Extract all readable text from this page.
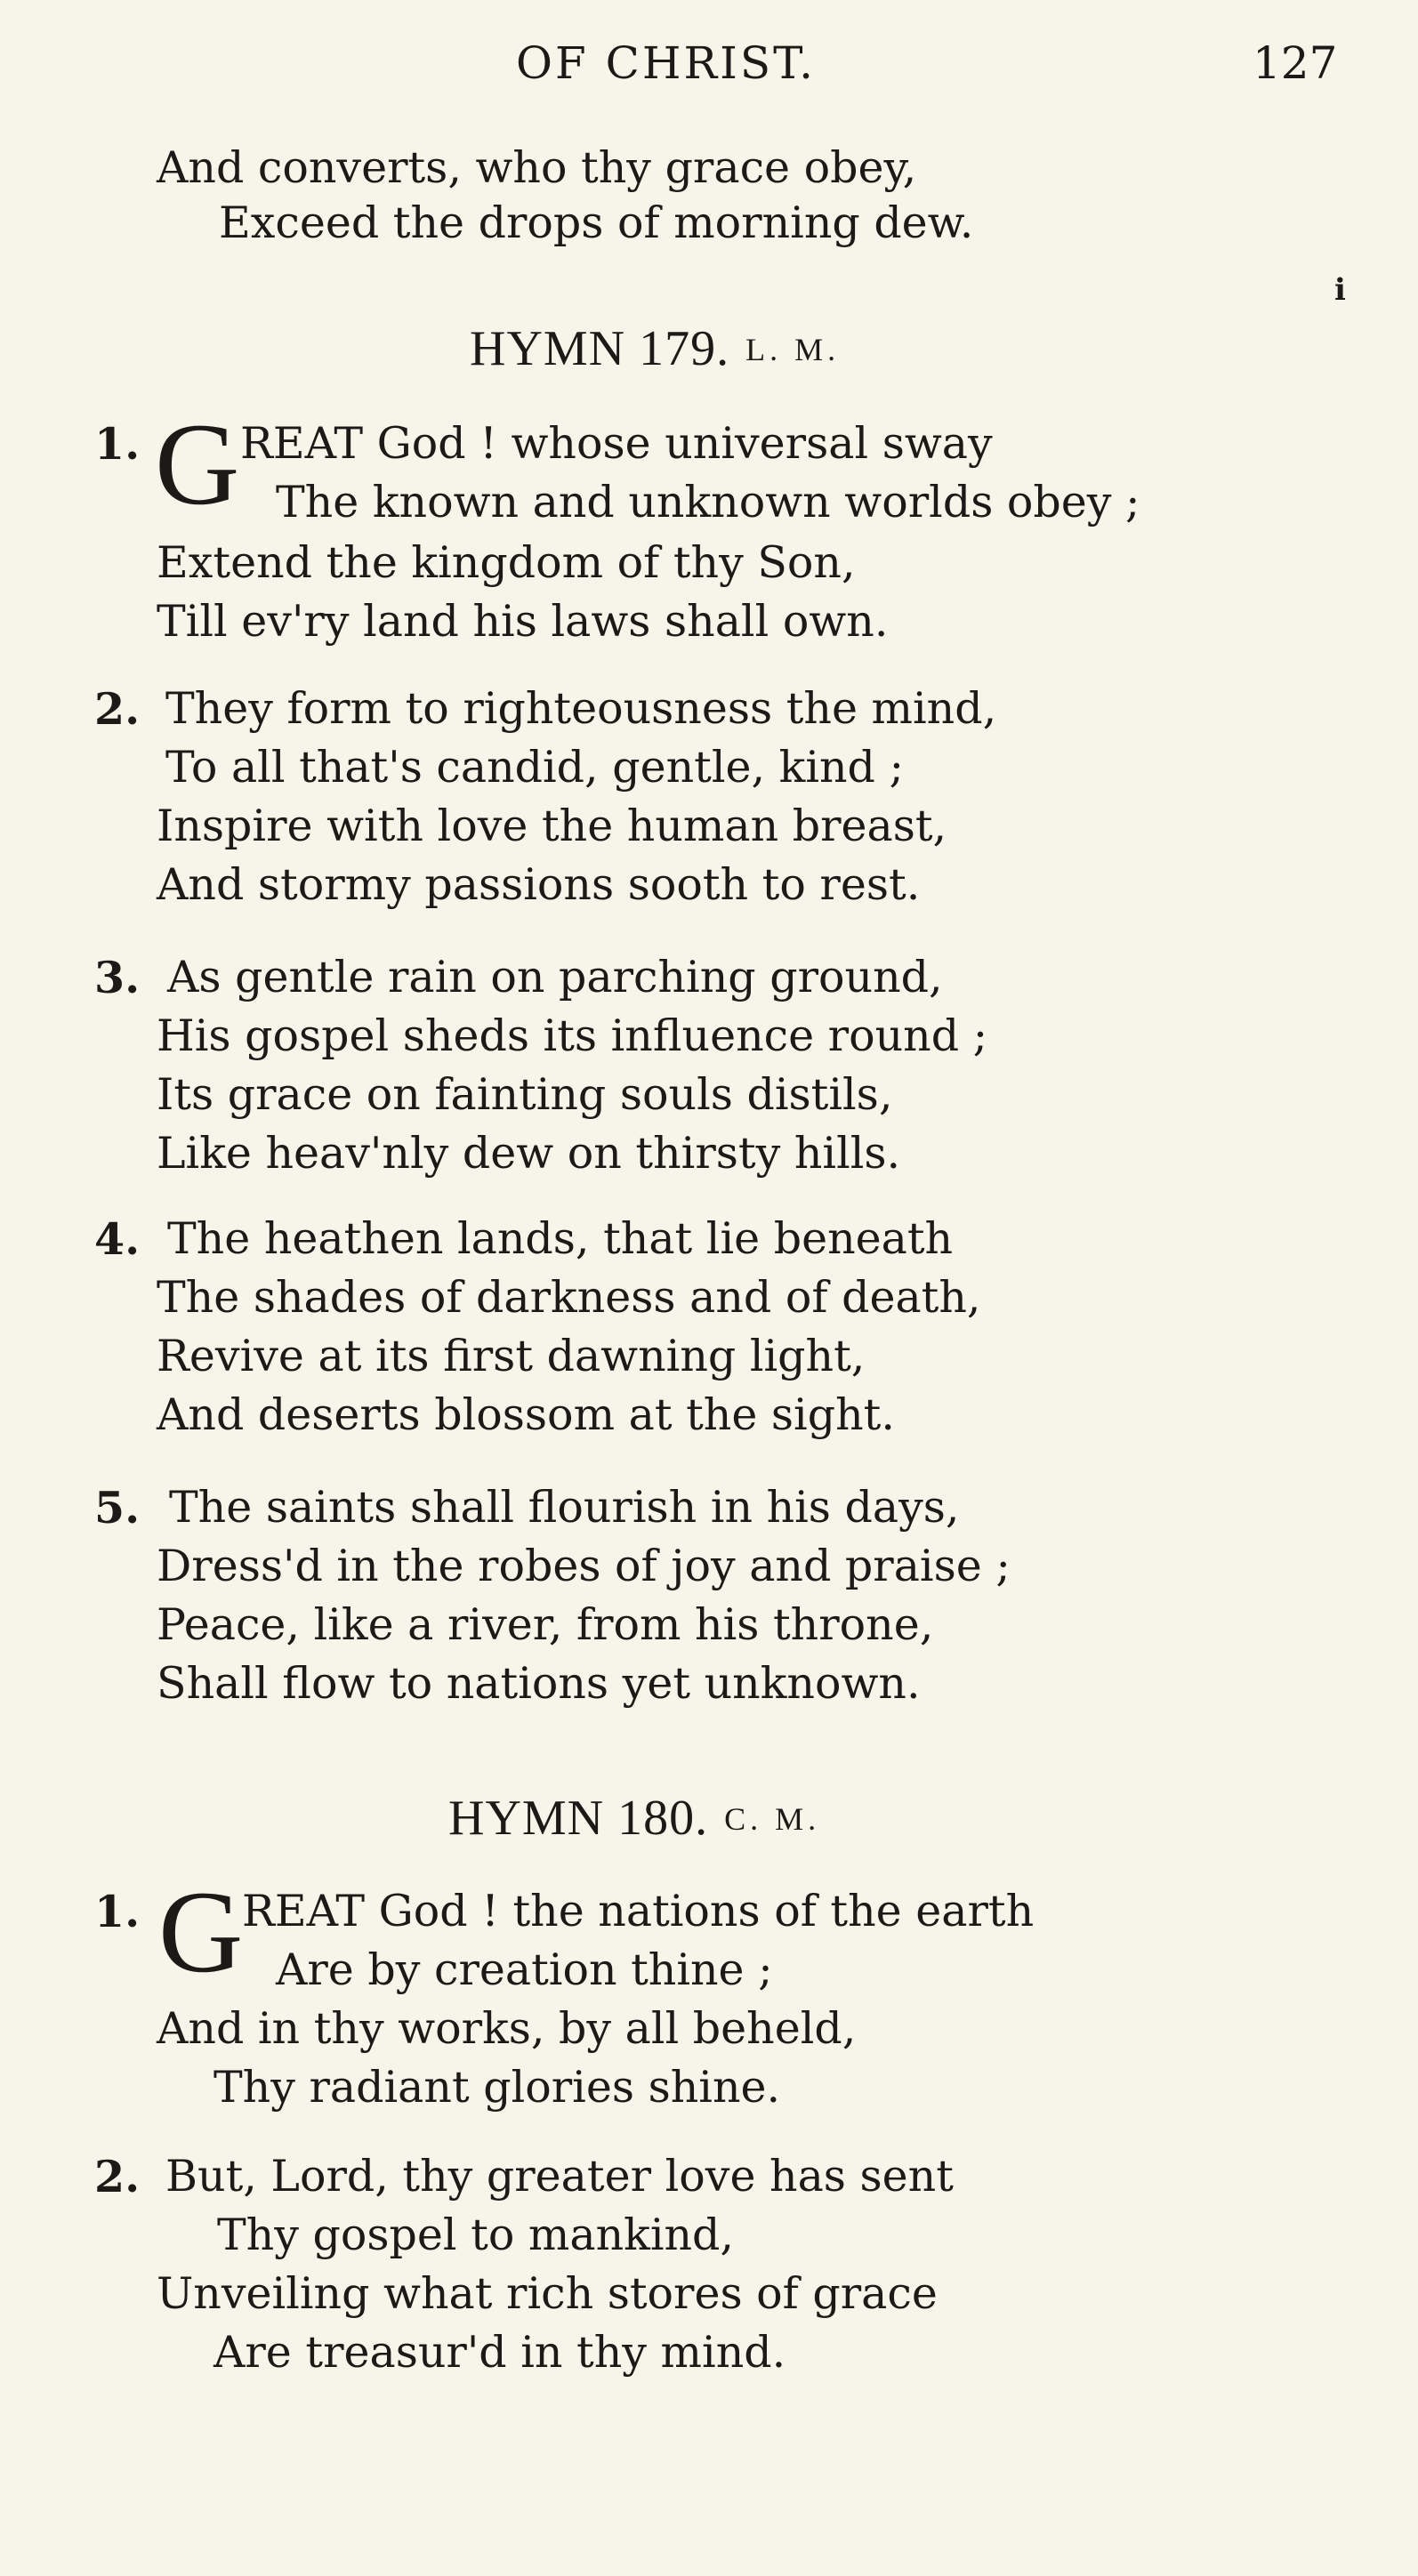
OF CHRIST.	127
And converts, who thy grace obey,
Exceed the drops of morning dew.
i
HYMN 179. L. M.
1. G REAT God ! whose universal sway
The known and unknown worlds obey ;
Extend the kingdom of thy Son,
Till ev'ry land his laws shall own.
2. They form to righteousness the mind,
To all that's candid, gentle, kind ;
Inspire with love the human breast,
And stormy passions sooth to rest.
3. As gentle rain on parching ground,
His gospel sheds its influence round ;
Its grace on fainting souls distils,
Like heav'nly dew on thirsty hills.
4. The heathen lands, that lie beneath
The shades of darkness and of death,
Revive at its first dawning light,
And deserts blossom at the sight.
5. The saints shall flourish in his days,
Dress'd in the robes of joy and praise ;
Peace, like a river, from his throne,
Shall flow to nations yet unknown.
HYMN 180. C. M.
1. G
REAT God ! the nations of the earth
Are by creation thine ;
And in thy works, by all beheld,
Thy radiant glories shine.
2. But, Lord, thy greater love has sent
Thy gospel to mankind,
Unveiling what rich stores of grace
Are treasur'd in thy mind.
